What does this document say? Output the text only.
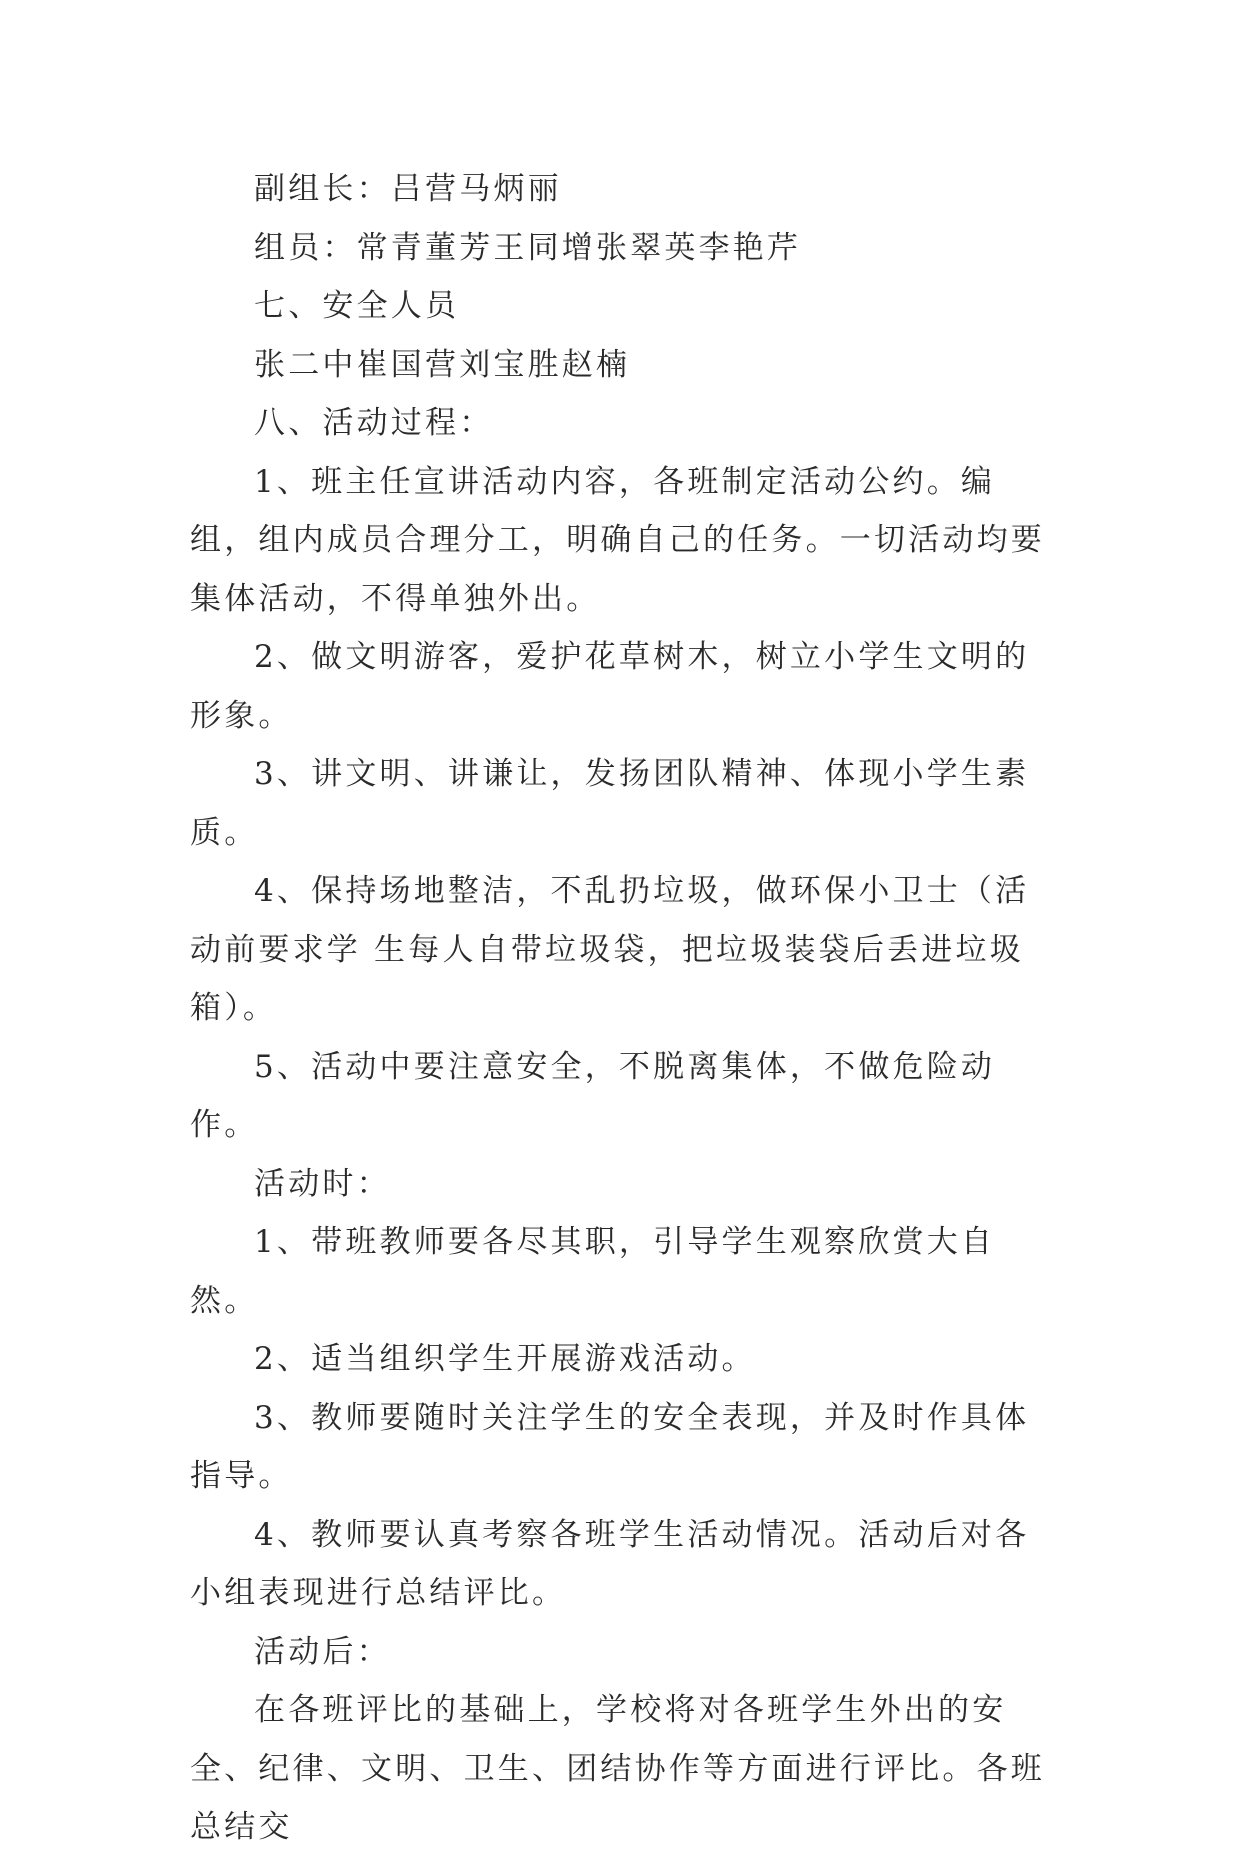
副组长：吕营马炳丽

组员：常青董芳王同增张翠英李艳芹

七、安全人员

张二中崔国营刘宝胜赵楠

八、活动过程：

1、班主任宣讲活动内容，各班制定活动公约。编组，组内成员合理分工，明确自己的任务。一切活动均要集体活动，不得单独外出。

2、做文明游客，爱护花草树木，树立小学生文明的形象。

3、讲文明、讲谦让，发扬团队精神、体现小学生素质。

4、保持场地整洁，不乱扔垃圾，做环保小卫士（活动前要求学 生每人自带垃圾袋，把垃圾装袋后丢进垃圾箱）。

5、活动中要注意安全，不脱离集体，不做危险动作。

活动时：

1、带班教师要各尽其职，引导学生观察欣赏大自然。

2、适当组织学生开展游戏活动。

3、教师要随时关注学生的安全表现，并及时作具体指导。

4、教师要认真考察各班学生活动情况。活动后对各小组表现进行总结评比。

活动后：

在各班评比的基础上，学校将对各班学生外出的安全、纪律、文明、卫生、团结协作等方面进行评比。各班总结交
